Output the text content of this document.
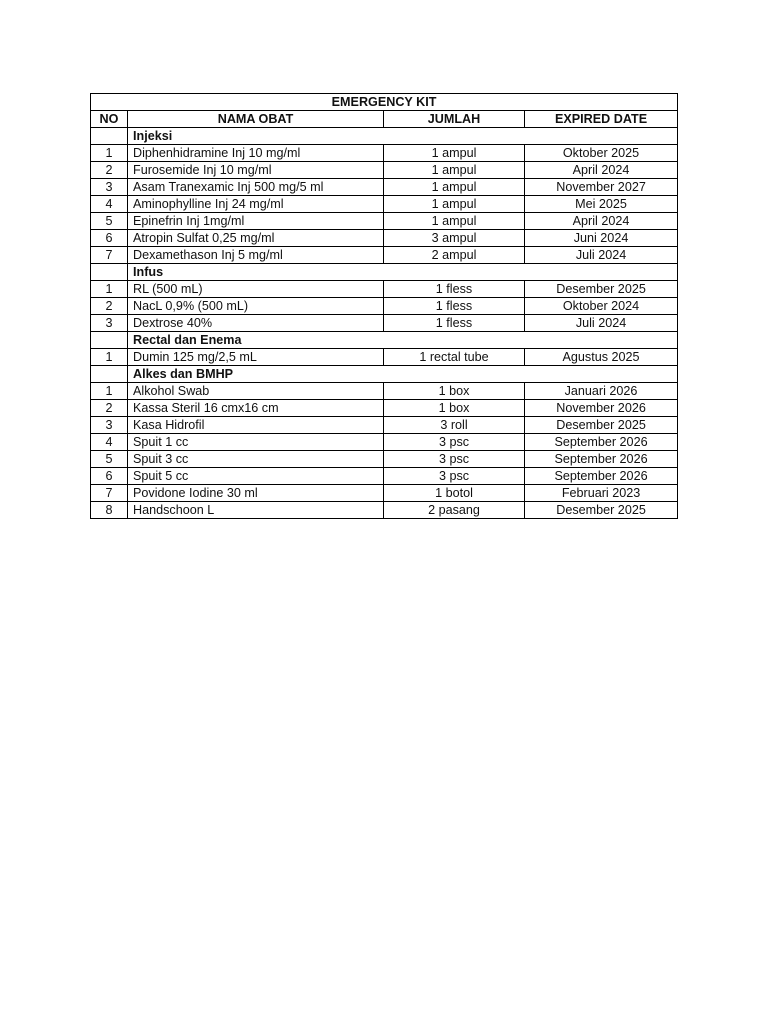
EMERGENCY KIT			
NO	NAMA OBAT	JUMLAH	EXPIRED DATE
	Injeksi		
1	Diphenhidramine Inj 10 mg/ml	1 ampul	Oktober 2025
2	Furosemide Inj 10 mg/ml	1 ampul	April 2024
3	Asam Tranexamic Inj 500 mg/5 ml	1 ampul	November 2027
4	Aminophylline Inj 24 mg/ml	1 ampul	Mei 2025
5	Epinefrin Inj 1mg/ml	1 ampul	April 2024
6	Atropin Sulfat 0,25 mg/ml	3 ampul	Juni 2024
7	Dexamethason Inj 5 mg/ml	2 ampul	Juli 2024
	Infus		
1	RL (500 mL)	1 fless	Desember 2025
2	NacL 0,9% (500 mL)	1 fless	Oktober 2024
3	Dextrose 40%	1 fless	Juli 2024
	Rectal dan Enema		
1	Dumin 125 mg/2,5 mL	1 rectal tube	Agustus 2025
	Alkes dan BMHP		
1	Alkohol Swab	1 box	Januari 2026
2	Kassa Steril 16 cmx16 cm	1 box	November 2026
3	Kasa Hidrofil	3 roll	Desember 2025
4	Spuit 1 cc	3 psc	September 2026
5	Spuit 3 cc	3 psc	September 2026
6	Spuit 5 cc	3 psc	September 2026
7	Povidone Iodine 30 ml	1 botol	Februari 2023
8	Handschoon L	2 pasang	Desember 2025
